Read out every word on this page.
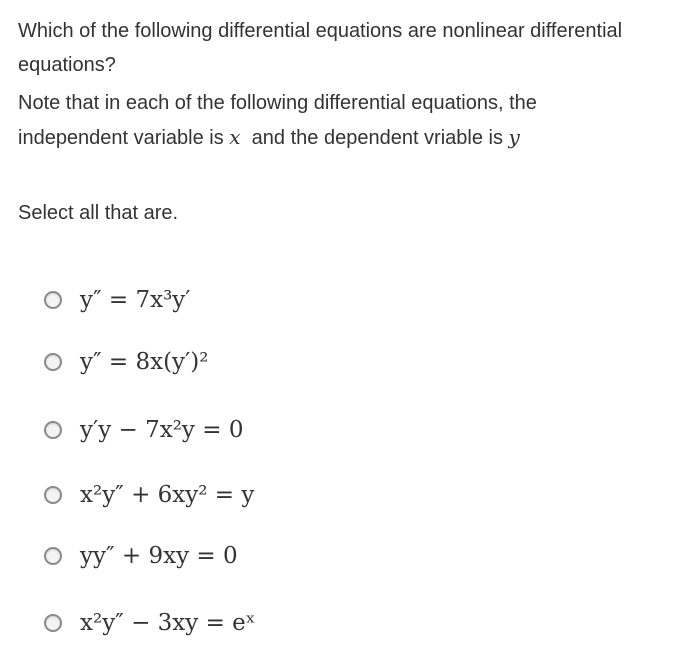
Which of the following differential equations are nonlinear differential

equations?

Note that in each of the following differential equations, the

independent variable is x and the dependent vriable is y

Select all that are.
y″ = 7x³y′
y″ = 8x(y′)²
y′y − 7x²y = 0
x²y″ + 6xy² = y
yy″ + 9xy = 0
x²y″ − 3xy = eˣ
